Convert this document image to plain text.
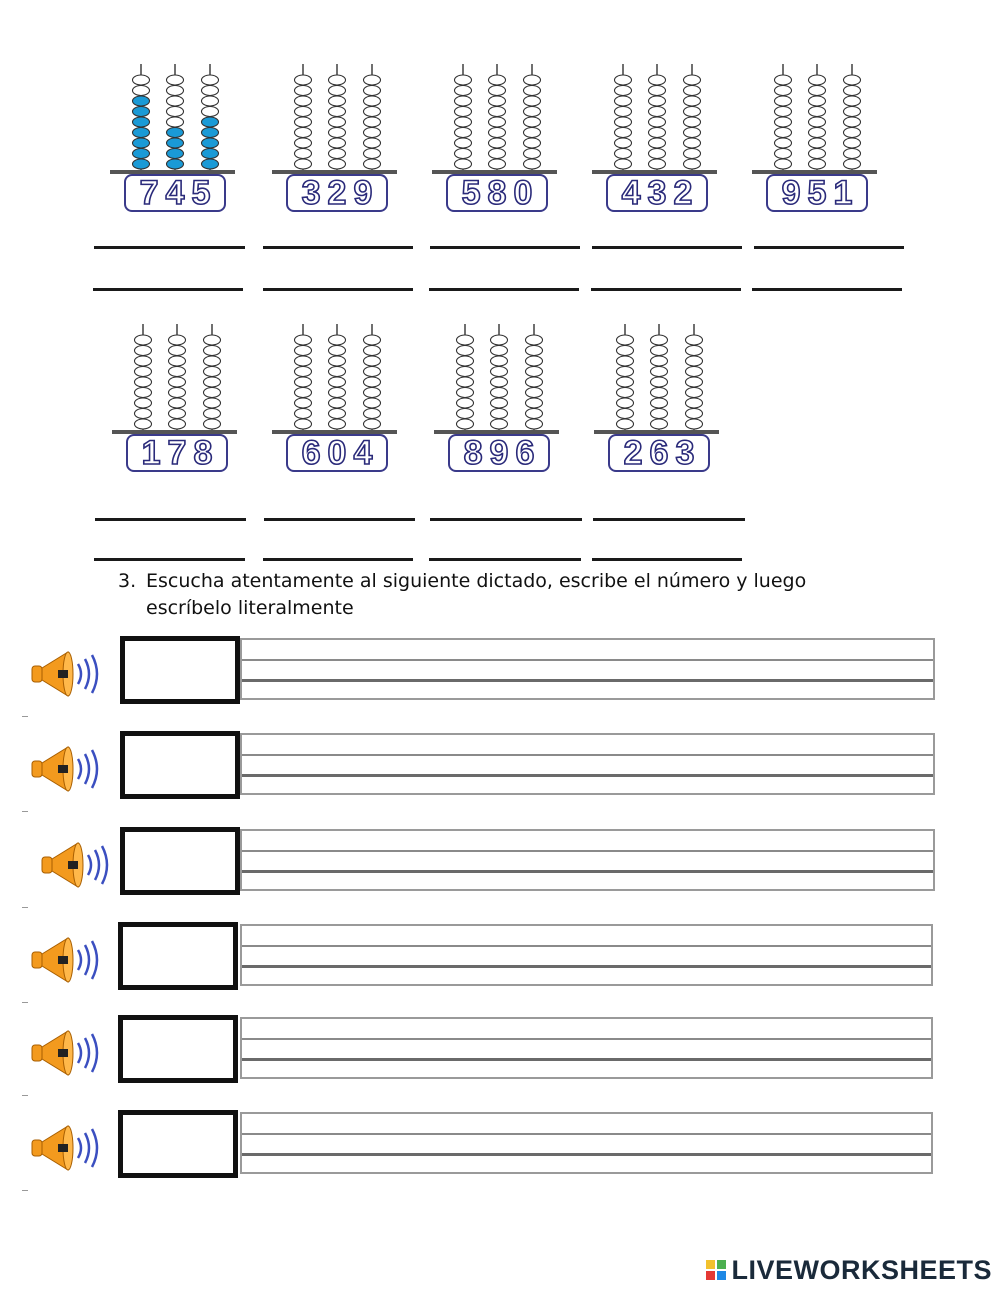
7 4 5	3 2 9	5 8 0	4 3 2	9 5 1
1 7 8	6 0 4	8 9 6	2 6 3
3. Escucha atentamente al siguiente dictado, escribe el número y luego
escríbelo literalmente
LIVEWORKSHEETS
